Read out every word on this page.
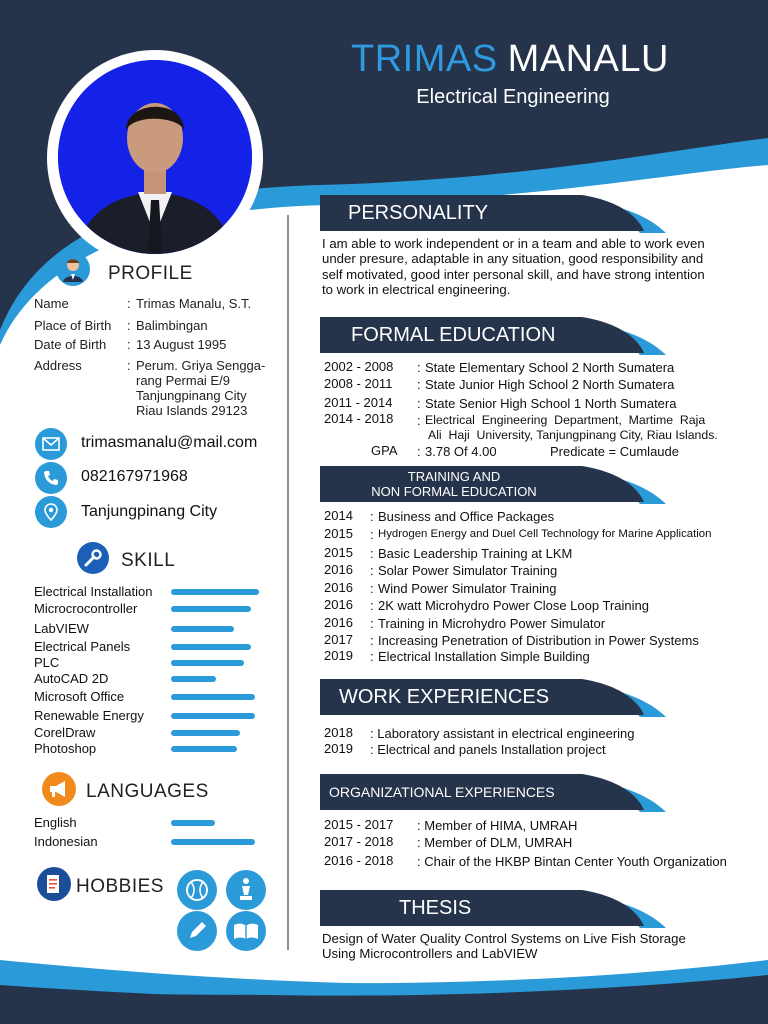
TRIMAS MANALU
Electrical Engineering
PROFILE
Name	: Trimas Manalu, S.T.
Place of Birth : Balimbingan
Date of Birth : 13 August 1995
Address	: Perum. Griya Sengga-
rang Permai E/9
Tanjungpinang City
Riau Islands 29123
trimasmanalu@mail.com
082167971968
Tanjungpinang City
SKILL
Electrical Installation
Microcrocontroller
LabVIEW
Electrical Panels
PLC
AutoCAD 2D
Microsoft Office
Renewable Energy
CorelDraw
Photoshop
LANGUAGES
English
Indonesian
HOBBIES
PERSONALITY
I am able to work independent or in a team and able to work even
under presure, adaptable in any situation, good responsibility and
self motivated, good inter personal skill, and have strong intention
to work in electrical engineering.
FORMAL EDUCATION
2002 - 2008 : State Elementary School 2 North Sumatera
2008 - 2011 : State Junior High School 2 North Sumatera
2011 - 2014 : State Senior High School 1 North Sumatera
2014 - 2018 : Electrical  Engineering  Department,  Martime  Raja
Ali  Haji  University, Tanjungpinang City, Riau Islands.
GPA : 3.78 Of 4.00	Predicate = Cumlaude
TRAINING AND
NON FORMAL EDUCATION
2014 : Business and Office Packages
2015 : Hydrogen Energy and Duel Cell Technology for Marine Application
2015 : Basic Leadership Training at LKM
2016 : Solar Power Simulator Training
2016 : Wind Power Simulator Training
2016 : 2K watt Microhydro Power Close Loop Training
2016 : Training in Microhydro Power Simulator
2017 : Increasing Penetration of Distribution in Power Systems
2019 : Electrical Installation Simple Building
WORK EXPERIENCES
2018 : Laboratory assistant in electrical engineering
2019 : Electrical and panels Installation project
ORGANIZATIONAL EXPERIENCES
2015 - 2017 : Member of HIMA, UMRAH
2017 - 2018 : Member of DLM, UMRAH
2016 - 2018 : Chair of the HKBP Bintan Center Youth Organization
THESIS
Design of Water Quality Control Systems on Live Fish Storage
Using Microcontrollers and LabVIEW
